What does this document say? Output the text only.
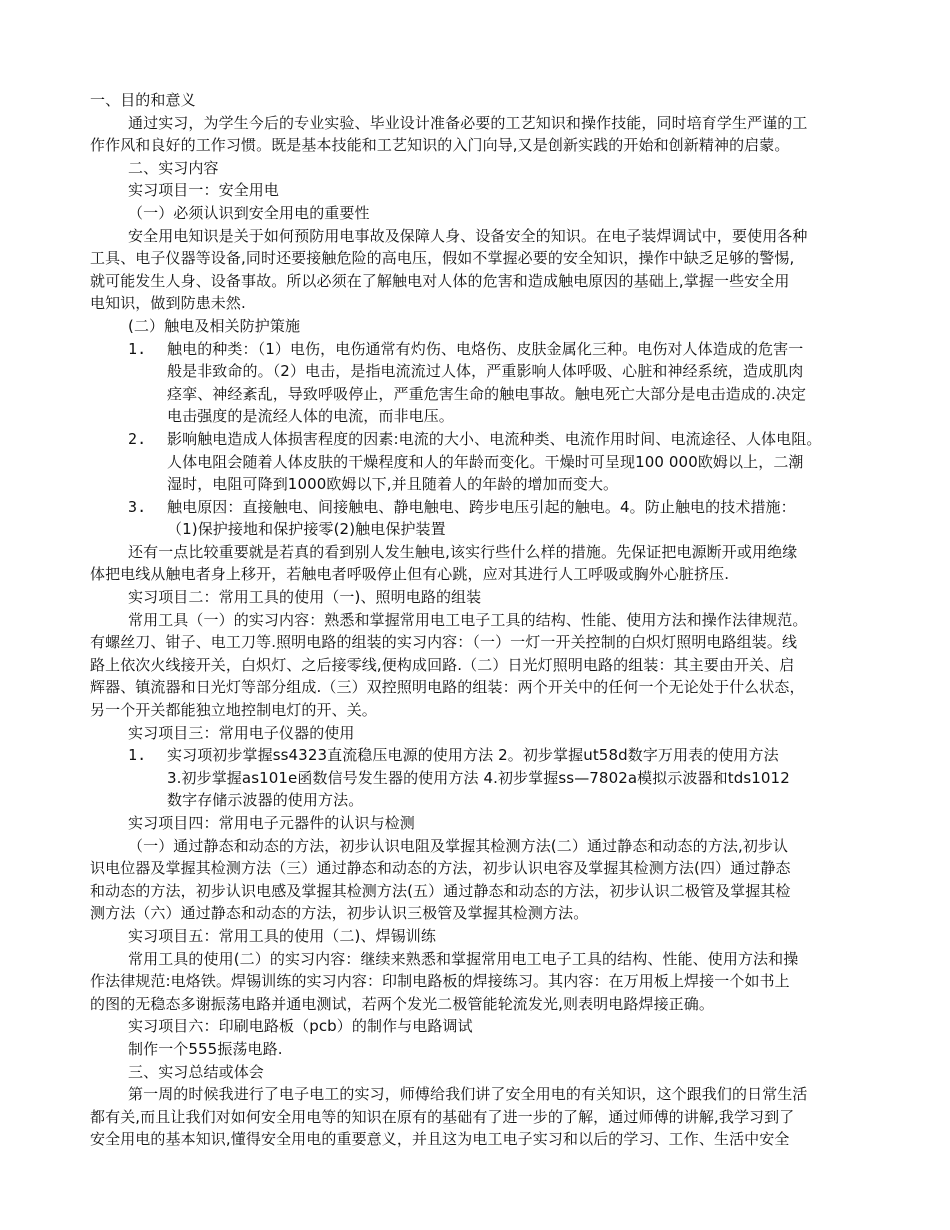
一、目的和意义
通过实习，为学生今后的专业实验、毕业设计准备必要的工艺知识和操作技能，同时培育学生严谨的工
作作风和良好的工作习惯。既是基本技能和工艺知识的入门向导,又是创新实践的开始和创新精神的启蒙。
二、实习内容
实习项目一：安全用电
（一）必须认识到安全用电的重要性
安全用电知识是关于如何预防用电事故及保障人身、设备安全的知识。在电子装焊调试中，要使用各种
工具、电子仪器等设备,同时还要接触危险的高电压，假如不掌握必要的安全知识，操作中缺乏足够的警惕,
就可能发生人身、设备事故。所以必须在了解触电对人体的危害和造成触电原因的基础上,掌握一些安全用
电知识，做到防患未然.
(二）触电及相关防护策施
1. 触电的种类：（1）电伤，电伤通常有灼伤、电烙伤、皮肤金属化三种。电伤对人体造成的危害一
般是非致命的。（2）电击，是指电流流过人体，严重影响人体呼吸、心脏和神经系统，造成肌肉
痉挛、神经紊乱，导致呼吸停止，严重危害生命的触电事故。触电死亡大部分是电击造成的.决定
电击强度的是流经人体的电流，而非电压。
2. 影响触电造成人体损害程度的因素:电流的大小、电流种类、电流作用时间、电流途径、人体电阻。
人体电阻会随着人体皮肤的干燥程度和人的年龄而变化。干燥时可呈现100 000欧姆以上，二潮
湿时，电阻可降到1000欧姆以下,并且随着人的年龄的增加而变大。
3. 触电原因：直接触电、间接触电、静电触电、跨步电压引起的触电。4。防止触电的技术措施：
（1)保护接地和保护接零(2)触电保护装置
还有一点比较重要就是若真的看到别人发生触电,该实行些什么样的措施。先保证把电源断开或用绝缘
体把电线从触电者身上移开，若触电者呼吸停止但有心跳，应对其进行人工呼吸或胸外心脏挤压.
实习项目二：常用工具的使用（一)、照明电路的组装
常用工具（一）的实习内容：熟悉和掌握常用电工电子工具的结构、性能、使用方法和操作法律规范。
有螺丝刀、钳子、电工刀等.照明电路的组装的实习内容：（一）一灯一开关控制的白炽灯照明电路组装。线
路上依次火线接开关，白炽灯、之后接零线,便构成回路.（二）日光灯照明电路的组装：其主要由开关、启
辉器、镇流器和日光灯等部分组成.（三）双控照明电路的组装：两个开关中的任何一个无论处于什么状态，
另一个开关都能独立地控制电灯的开、关。
实习项目三：常用电子仪器的使用
1. 实习项初步掌握ss4323直流稳压电源的使用方法 2。初步掌握ut58d数字万用表的使用方法
3.初步掌握as101e函数信号发生器的使用方法 4.初步掌握ss—7802a模拟示波器和tds1012
数字存储示波器的使用方法。
实习项目四：常用电子元器件的认识与检测
（一）通过静态和动态的方法，初步认识电阻及掌握其检测方法(二）通过静态和动态的方法,初步认
识电位器及掌握其检测方法（三）通过静态和动态的方法，初步认识电容及掌握其检测方法(四）通过静态
和动态的方法，初步认识电感及掌握其检测方法(五）通过静态和动态的方法，初步认识二极管及掌握其检
测方法（六）通过静态和动态的方法，初步认识三极管及掌握其检测方法。
实习项目五：常用工具的使用（二)、焊锡训练
常用工具的使用(二）的实习内容：继续来熟悉和掌握常用电工电子工具的结构、性能、使用方法和操
作法律规范:电烙铁。焊锡训练的实习内容：印制电路板的焊接练习。其内容：在万用板上焊接一个如书上
的图的无稳态多谢振荡电路并通电测试，若两个发光二极管能轮流发光,则表明电路焊接正确。
实习项目六：印刷电路板（pcb）的制作与电路调试
制作一个555振荡电路.
三、实习总结或体会
第一周的时候我进行了电子电工的实习，师傅给我们讲了安全用电的有关知识，这个跟我们的日常生活
都有关,而且让我们对如何安全用电等的知识在原有的基础有了进一步的了解，通过师傅的讲解,我学习到了
安全用电的基本知识,懂得安全用电的重要意义，并且这为电工电子实习和以后的学习、工作、生活中安全
